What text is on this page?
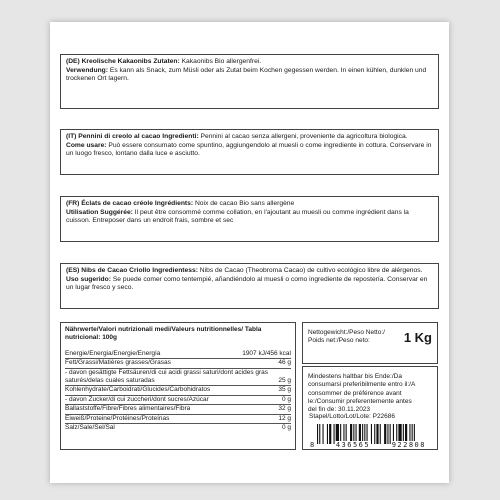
(DE) Kreolische Kakaonibs Zutaten: Kakaonibs Bio allergenfrei.

Verwendung: Es kann als Snack, zum Müsli oder als Zutat beim Kochen gegessen werden. In einen kühlen, dunklen und trockenen Ort lagern.

(IT) Pennini di creolo al cacao Ingredienti: Pennini al cacao senza allergeni, proveniente da agricoltura biologica.

Come usare: Può essere consumato come spuntino, aggiungendolo al muesli o come ingrediente in cottura. Conservare in un luogo fresco, lontano dalla luce e asciutto.

(FR) Éclats de cacao créole Ingrédients: Noix de cacao Bio sans allergène

Utilisation Suggérée: Il peut être consommé comme collation, en l'ajoutant au muesli ou comme ingrédient dans la cuisson. Entreposer dans un endroit frais, sombre et sec

(ES) Nibs de Cacao Criollo Ingredientess: Nibs de Cacao (Theobroma Cacao) de cultivo ecológico libre de alérgenos.

Uso sugerido: Se puede comer como tentempié, añandiéndolo al muesli o como ingrediente de repostería. Conservar en un lugar fresco y seco.

Nährwerte/Valori nutrizionali medi/Valeurs nutritionnelles/ Tabla nutricional: 100g
Energie/Energia/Energie/Energía	1907 kJ/456 kcal
Fett/Grassi/Matières grasses/Grasas	46 g
- davon gesättigte Fettsäuren/di cui acidi grassi saturi/dont acides gras saturés/delas cuales saturadas	25 g
Kohlenhydrate/Carboidrati/Glucides/Carbohidratos	35 g
- davon Zucker/di cui zuccheri/dont sucres/Azúcar	0 g
Ballaststoffe/Fibre/Fibres alimentaires/Fibra	32 g
Eiweiß/Proteine/Protéines/Proteínas	12 g
Salz/Sale/Sel/Sal	0 g
Nettogewicht:/Peso Netto:/ Poids net:/Peso neto:	1 Kg
Mindestens haltbar bis Ende:/Da consumarsi preferibilmente entro il:/A consommer de préférence avant le:/Consumir preferentemente antes del fin de: 30.11.2023
Stapel/Lotto/Lot/Lote: P22686
8	436565	922808
